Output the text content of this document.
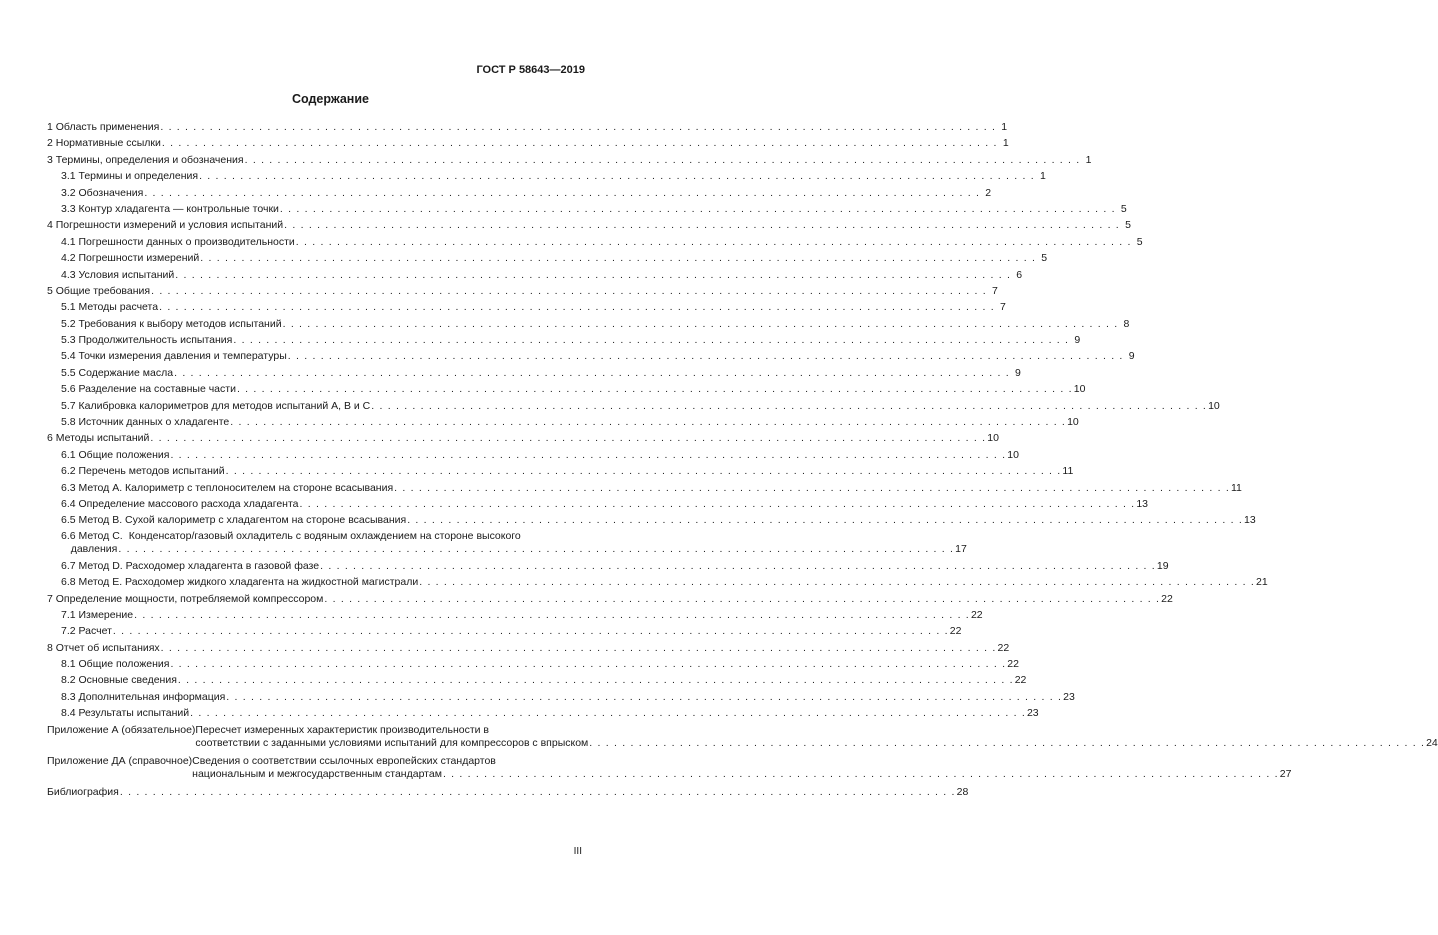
ГОСТ Р 58643—2019
Содержание
1 Область применения . . .	1
2 Нормативные ссылки . . .	1
3 Термины, определения и обозначения . . .	1
3.1 Термины и определения . . .	1
3.2 Обозначения . . .	2
3.3 Контур хладагента — контрольные точки . . .	5
4 Погрешности измерений и условия испытаний . . .	5
4.1 Погрешности данных о производительности . . .	5
4.2 Погрешности измерений . . .	5
4.3 Условия испытаний . . .	6
5 Общие требования . . .	7
5.1 Методы расчета . . .	7
5.2 Требования к выбору методов испытаний . . .	8
5.3 Продолжительность испытания . . .	9
5.4 Точки измерения давления и температуры . . .	9
5.5 Содержание масла . . .	9
5.6 Разделение на составные части . . .	10
5.7 Калибровка калориметров для методов испытаний А, В и С . . .	10
5.8 Источник данных о хладагенте . . .	10
6 Методы испытаний . . .	10
6.1 Общие положения . . .	10
6.2 Перечень методов испытаний . . .	11
6.3 Метод А. Калориметр с теплоносителем на стороне всасывания . . .	11
6.4 Определение массового расхода хладагента . . .	13
6.5 Метод В. Сухой калориметр с хладагентом на стороне всасывания . . .	13
6.6 Метод С. Конденсатор/газовый охладитель с водяным охлаждением на стороне высокого
давления . . .	17
6.7 Метод D. Расходомер хладагента в газовой фазе . . .	19
6.8 Метод Е. Расходомер жидкого хладагента на жидкостной магистрали . . .	21
7 Определение мощности, потребляемой компрессором . . .	22
7.1 Измерение . . .	22
7.2 Расчет . . .	22
8 Отчет об испытаниях . . .	22
8.1 Общие положения . . .	22
8.2 Основные сведения . . .	22
8.3 Дополнительная информация . . .	23
8.4 Результаты испытаний . . .	23
Приложение А (обязательное) Пересчет измеренных характеристик производительности в
соответствии с заданными условиями испытаний для компрессоров с впрыском . . .	24
Приложение ДА (справочное) Сведения о соответствии ссылочных европейских стандартов
национальным и межгосударственным стандартам . . .	27
Библиография . . .	28
III
